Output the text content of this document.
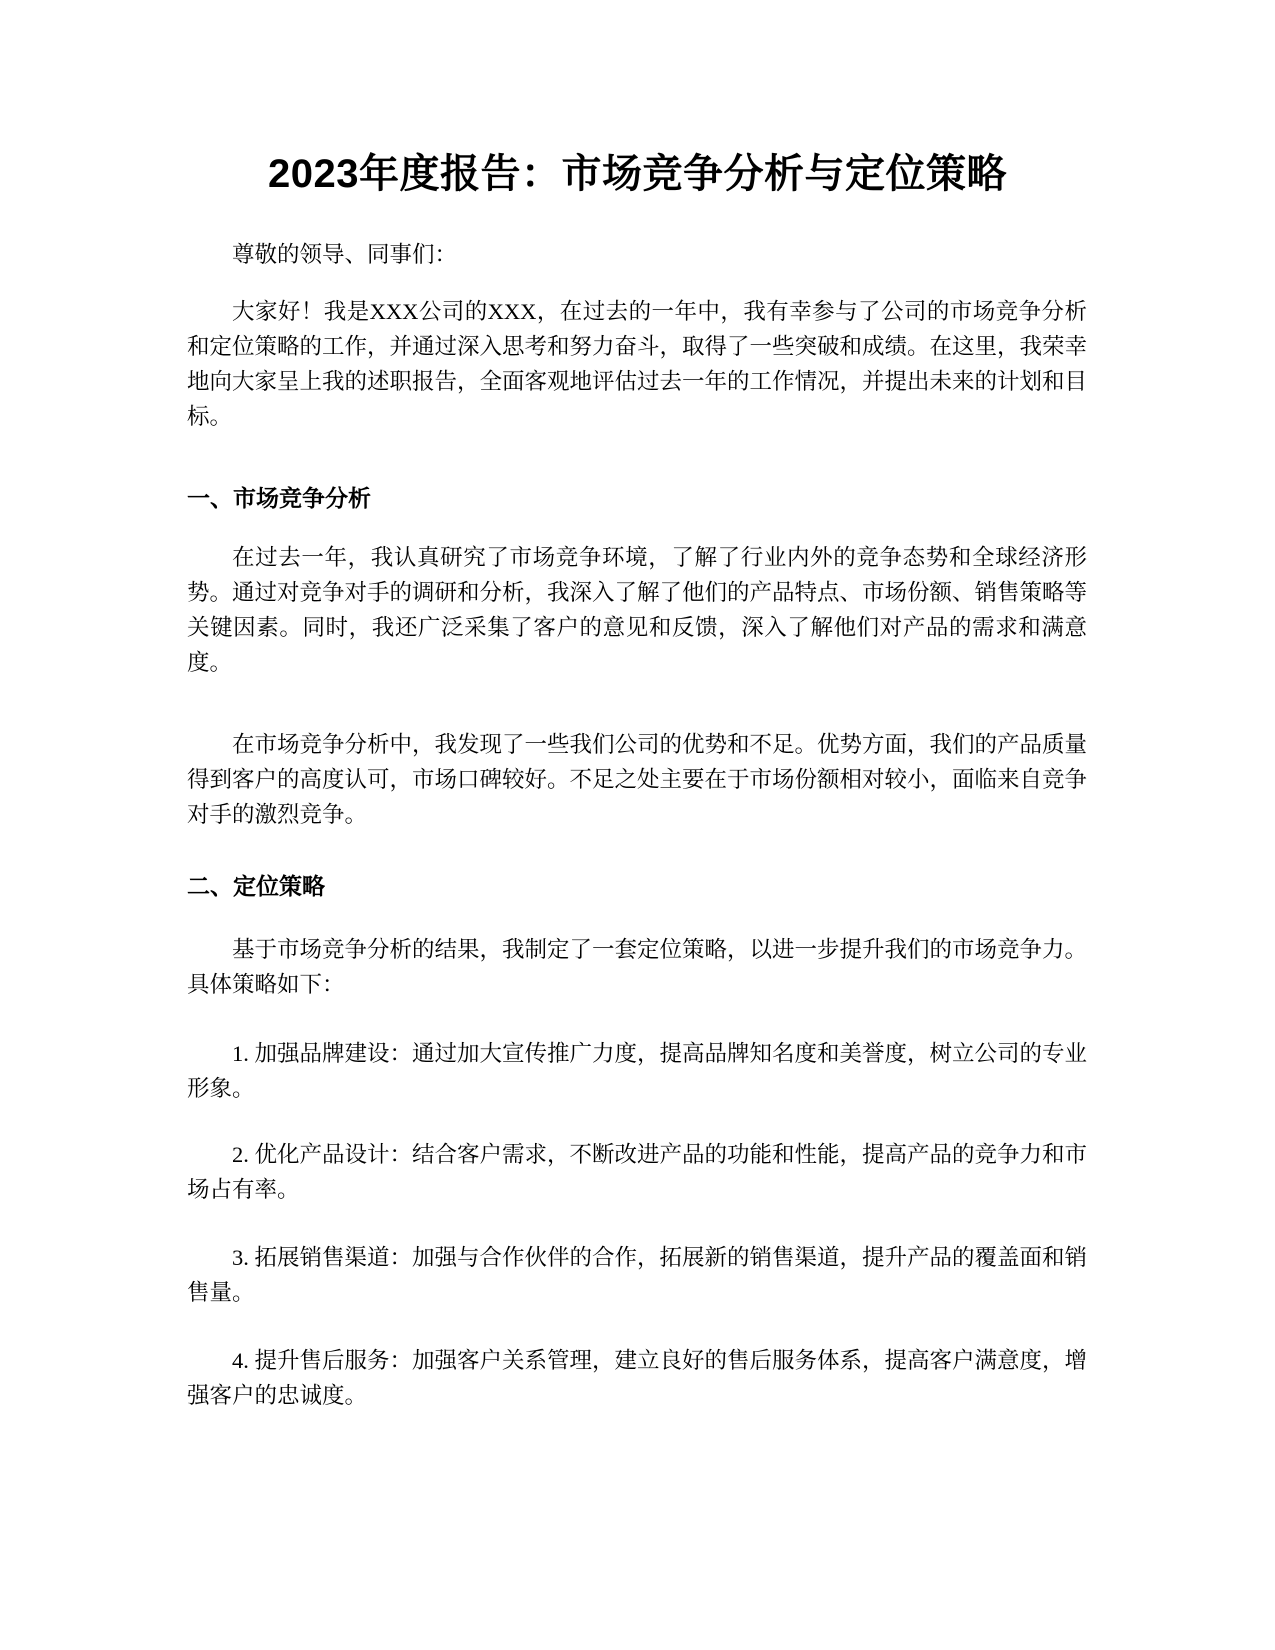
2023年度报告：市场竞争分析与定位策略

尊敬的领导、同事们：

大家好！我是XXX公司的XXX，在过去的一年中，我有幸参与了公司的市场竞争分析和定位策略的工作，并通过深入思考和努力奋斗，取得了一些突破和成绩。在这里，我荣幸地向大家呈上我的述职报告，全面客观地评估过去一年的工作情况，并提出未来的计划和目标。

一、市场竞争分析

在过去一年，我认真研究了市场竞争环境，了解了行业内外的竞争态势和全球经济形势。通过对竞争对手的调研和分析，我深入了解了他们的产品特点、市场份额、销售策略等关键因素。同时，我还广泛采集了客户的意见和反馈，深入了解他们对产品的需求和满意度。

在市场竞争分析中，我发现了一些我们公司的优势和不足。优势方面，我们的产品质量得到客户的高度认可，市场口碑较好。不足之处主要在于市场份额相对较小，面临来自竞争对手的激烈竞争。

二、定位策略

基于市场竞争分析的结果，我制定了一套定位策略，以进一步提升我们的市场竞争力。具体策略如下：

1. 加强品牌建设：通过加大宣传推广力度，提高品牌知名度和美誉度，树立公司的专业形象。

2. 优化产品设计：结合客户需求，不断改进产品的功能和性能，提高产品的竞争力和市场占有率。

3. 拓展销售渠道：加强与合作伙伴的合作，拓展新的销售渠道，提升产品的覆盖面和销售量。

4. 提升售后服务：加强客户关系管理，建立良好的售后服务体系，提高客户满意度，增强客户的忠诚度。
